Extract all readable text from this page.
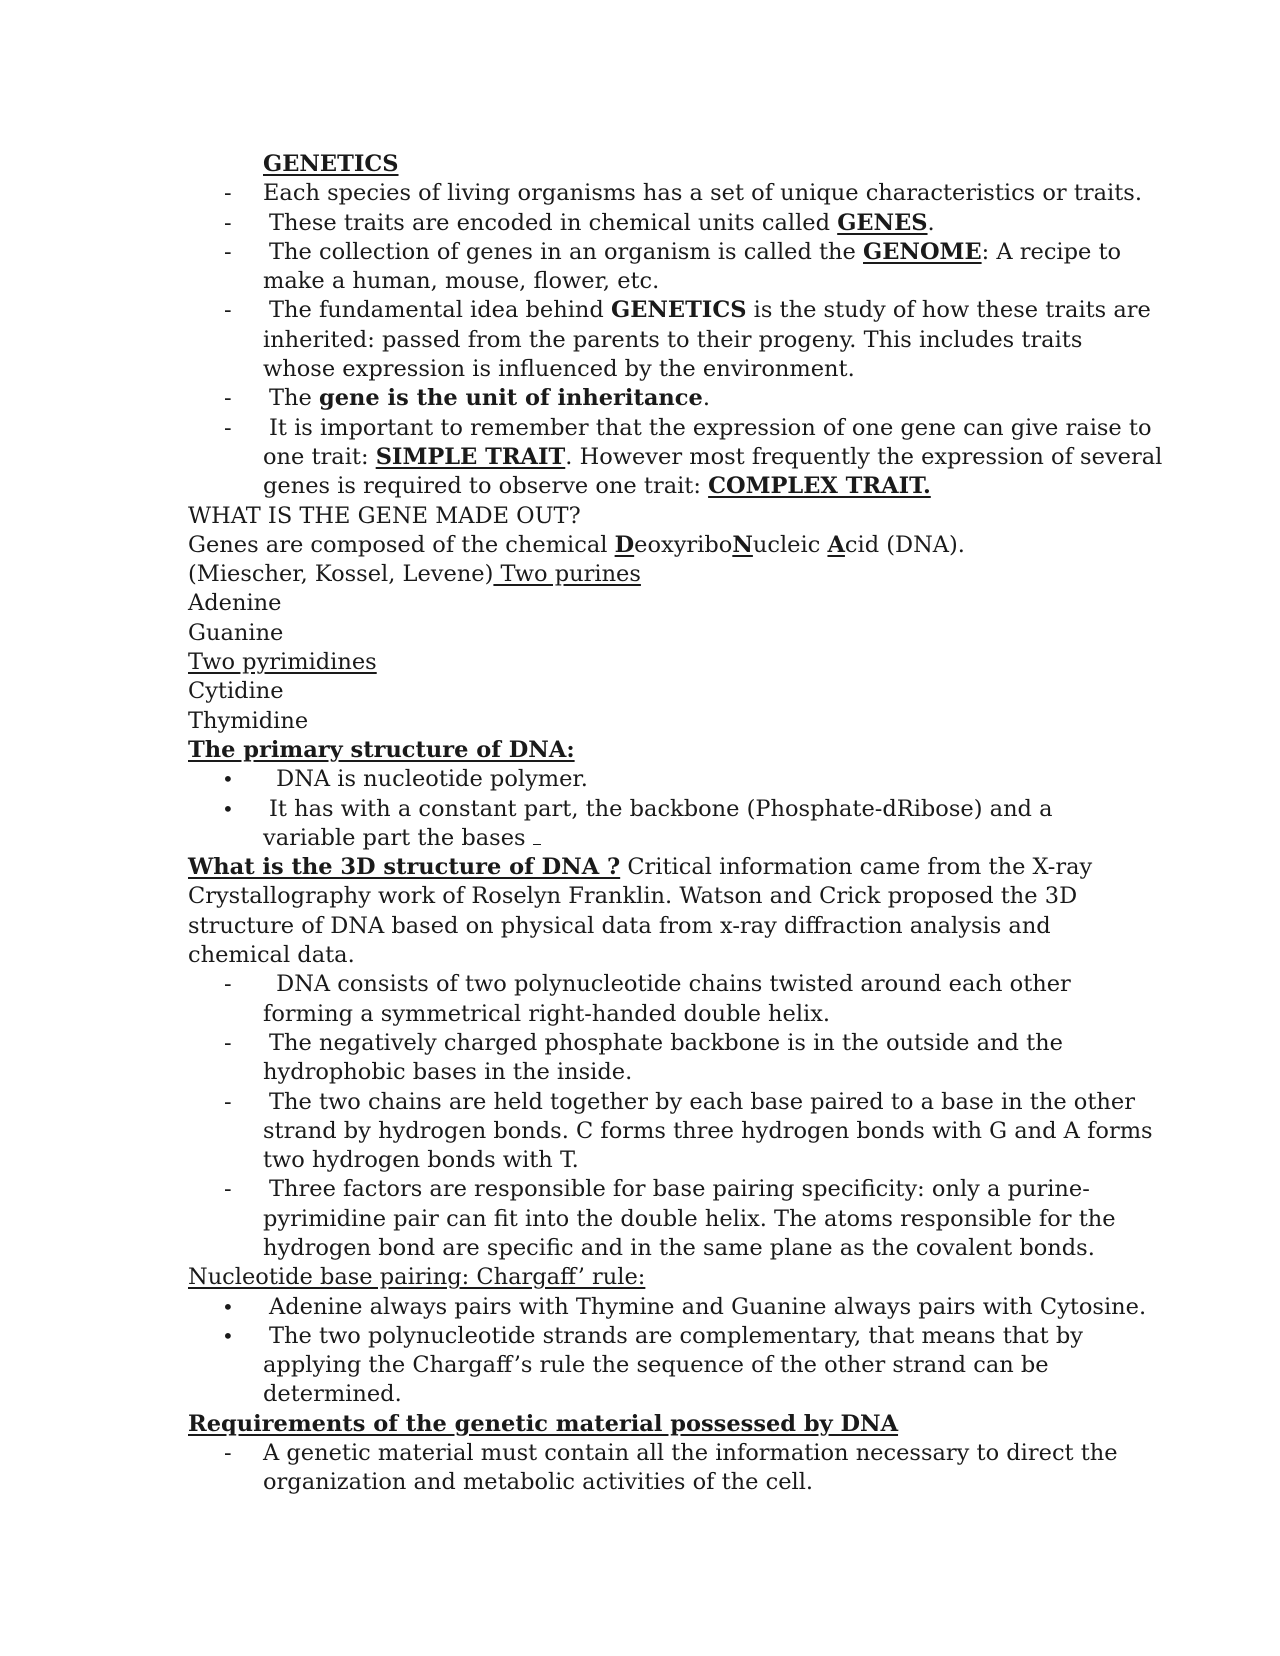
GENETICS
- Each species of living organisms has a set of unique characteristics or traits.
- These traits are encoded in chemical units called GENES.
- The collection of genes in an organism is called the GENOME: A recipe to
make a human, mouse, flower, etc.
- The fundamental idea behind GENETICS is the study of how these traits are
inherited: passed from the parents to their progeny. This includes traits
whose expression is influenced by the environment.
- The gene is the unit of inheritance.
- It is important to remember that the expression of one gene can give raise to
one trait: SIMPLE TRAIT. However most frequently the expression of several
genes is required to observe one trait: COMPLEX TRAIT.
WHAT IS THE GENE MADE OUT?
Genes are composed of the chemical DeoxyriboNucleic Acid (DNA).
(Miescher, Kossel, Levene) Two purines
Adenine
Guanine
Two pyrimidines
Cytidine
Thymidine
The primary structure of DNA:
• DNA is nucleotide polymer.
• It has with a constant part, the backbone (Phosphate-dRibose) and a
variable part the bases
What is the 3D structure of DNA ? Critical information came from the X-ray
Crystallography work of Roselyn Franklin. Watson and Crick proposed the 3D
structure of DNA based on physical data from x-ray diffraction analysis and
chemical data.
- DNA consists of two polynucleotide chains twisted around each other
forming a symmetrical right-handed double helix.
- The negatively charged phosphate backbone is in the outside and the
hydrophobic bases in the inside.
- The two chains are held together by each base paired to a base in the other
strand by hydrogen bonds. C forms three hydrogen bonds with G and A forms
two hydrogen bonds with T.
- Three factors are responsible for base pairing specificity: only a purine-
pyrimidine pair can fit into the double helix. The atoms responsible for the
hydrogen bond are specific and in the same plane as the covalent bonds.
Nucleotide base pairing: Chargaff’ rule:
• Adenine always pairs with Thymine and Guanine always pairs with Cytosine.
• The two polynucleotide strands are complementary, that means that by
applying the Chargaff’s rule the sequence of the other strand can be
determined.
Requirements of the genetic material possessed by DNA
- A genetic material must contain all the information necessary to direct the
organization and metabolic activities of the cell.
